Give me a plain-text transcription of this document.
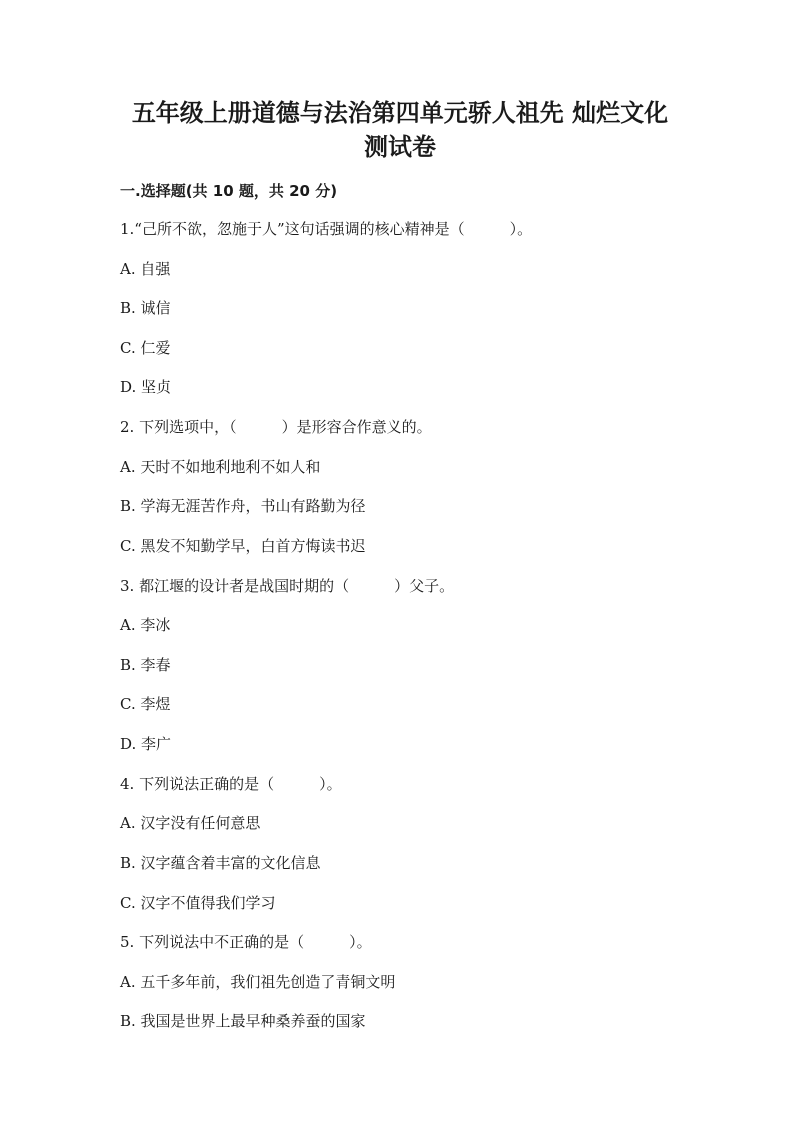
五年级上册道德与法治第四单元骄人祖先 灿烂文化
测试卷
一.选择题(共 10 题，共 20 分)
1.“己所不欲，忽施于人”这句话强调的核心精神是（　　　）。
A. 自强
B. 诚信
C. 仁爱
D. 坚贞
2. 下列选项中，（　　　）是形容合作意义的。
A. 天时不如地利地利不如人和
B. 学海无涯苦作舟，书山有路勤为径
C. 黑发不知勤学早，白首方悔读书迟
3. 都江堰的设计者是战国时期的（　　　）父子。
A. 李冰
B. 李春
C. 李煜
D. 李广
4. 下列说法正确的是（　　　）。
A. 汉字没有任何意思
B. 汉字蕴含着丰富的文化信息
C. 汉字不值得我们学习
5. 下列说法中不正确的是（　　　）。
A. 五千多年前，我们祖先创造了青铜文明
B. 我国是世界上最早种桑养蚕的国家
